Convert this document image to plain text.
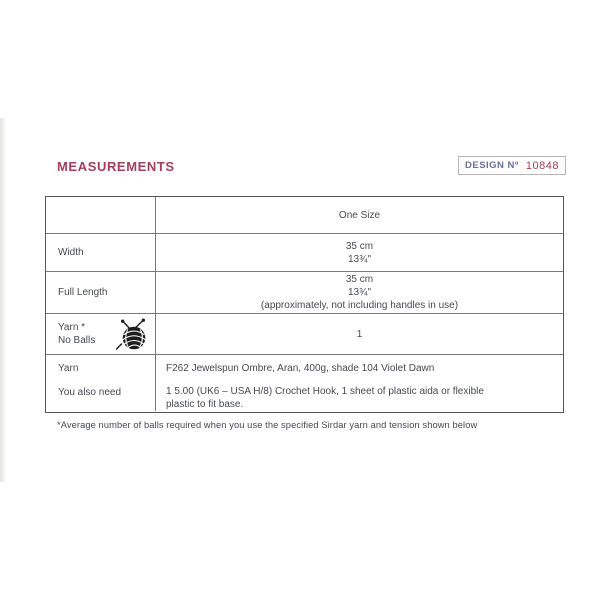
MEASUREMENTS	DESIGN Nº 10848
One Size
Width
35 cm
13¾"
Full Length
35 cm
13¾"
(approximately, not including handles in use)
Yarn *
No Balls
1
Yarn
You also need
F262 Jewelspun Ombre, Aran, 400g, shade 104 Violet Dawn
1 5.00 (UK6 – USA H/8) Crochet Hook, 1 sheet of plastic aida or flexible plastic to fit base.

*Average number of balls required when you use the specified Sirdar yarn and tension shown below
